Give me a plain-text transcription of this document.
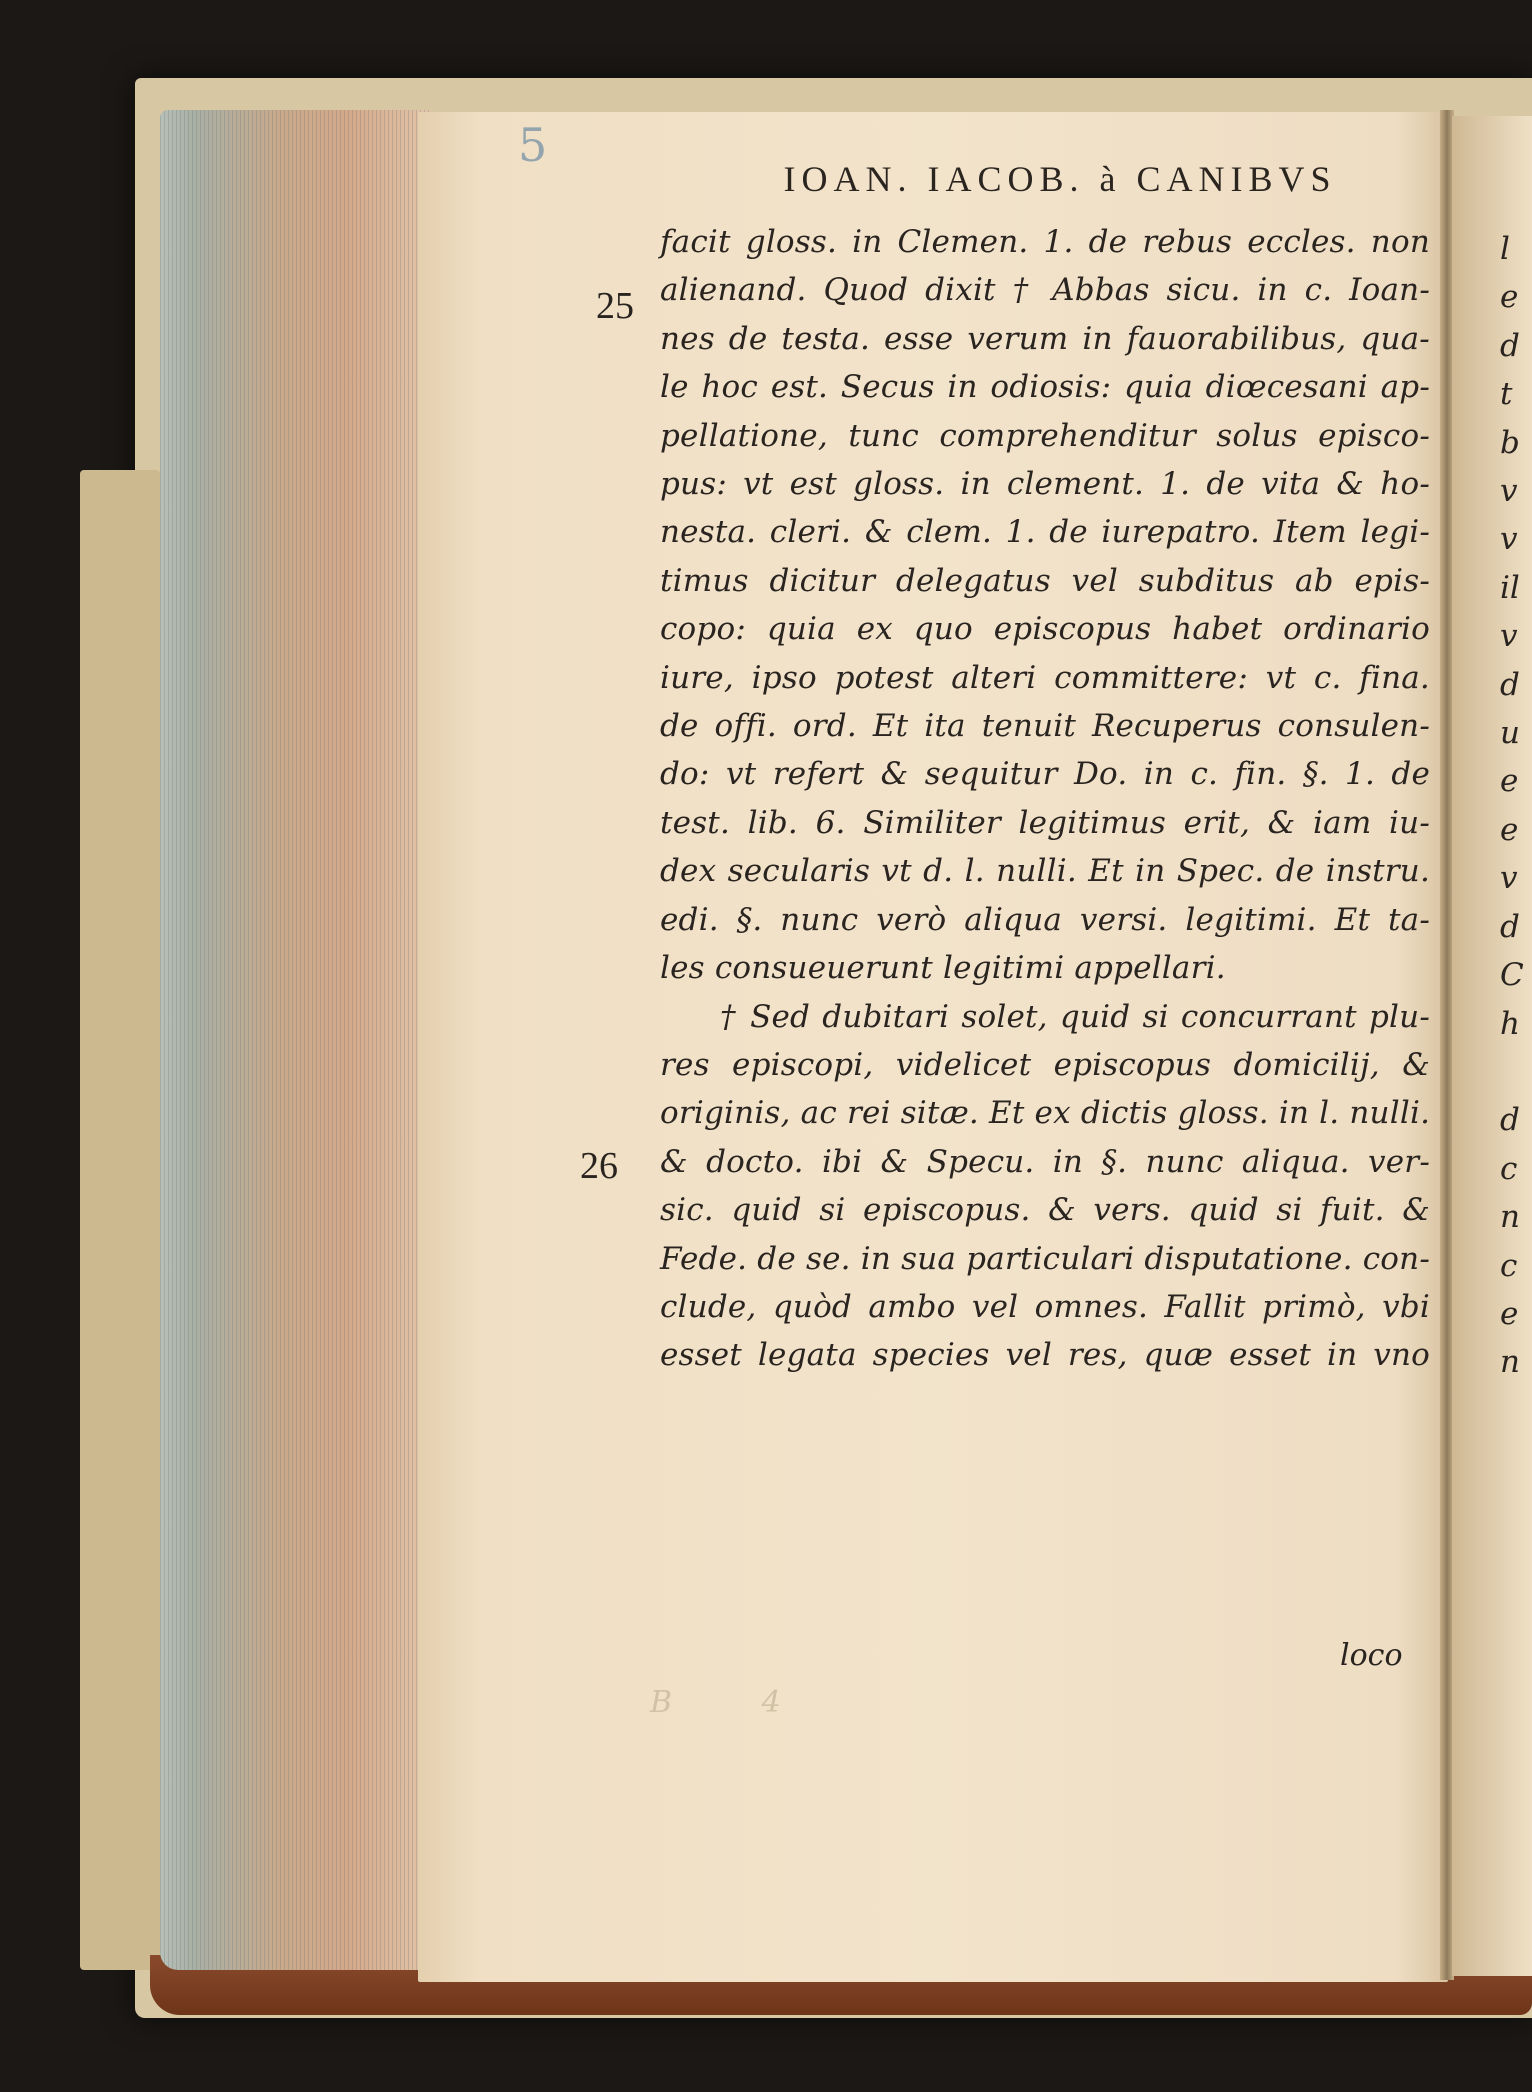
5
IOAN. IACOB. à CANIBVS
25
26
facit gloss. in Clemen. 1. de rebus eccles. non
alienand. Quod dixit † Abbas sicu. in c. Ioan-
nes de testa. esse verum in fauorabilibus, qua-
le hoc est. Secus in odiosis: quia diœcesani ap-
pellatione, tunc comprehenditur solus episco-
pus: vt est gloss. in clement. 1. de vita & ho-
nesta. cleri. & clem. 1. de iurepatro. Item legi-
timus dicitur delegatus vel subditus ab epis-
copo: quia ex quo episcopus habet ordinario
iure, ipso potest alteri committere: vt c. fina.
de offi. ord. Et ita tenuit Recuperus consulen-
do: vt refert & sequitur Do. in c. fin. §. 1. de
test. lib. 6. Similiter legitimus erit, & iam iu-
dex secularis vt d. l. nulli. Et in Spec. de instru.
edi. §. nunc verò aliqua versi. legitimi. Et ta-
les consueuerunt legitimi appellari.
† Sed dubitari solet, quid si concurrant plu-
res episcopi, videlicet episcopus domicilij, &
originis, ac rei sitæ. Et ex dictis gloss. in l. nulli.
& docto. ibi & Specu. in §. nunc aliqua. ver-
sic. quid si episcopus. & vers. quid si fuit. &
Fede. de se. in sua particulari disputatione. con-
clude, quòd ambo vel omnes. Fallit primò, vbi
esset legata species vel res, quæ esset in vno
loco
B 4
l
e
d
t
b
v
v
il
v
d
u
e
e
v
d
C
h

d
c
n
c
e
n
